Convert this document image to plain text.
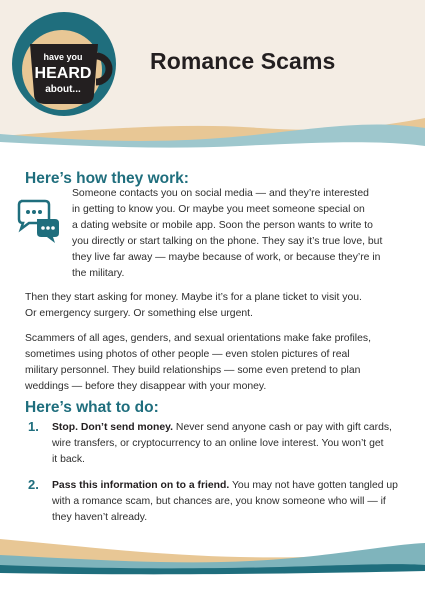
have you
HEARD
about...
Romance Scams
Here’s how they work:

Someone contacts you on social media — and they’re interested
in getting to know you. Or maybe you meet someone special on
a dating website or mobile app. Soon the person wants to write to
you directly or start talking on the phone. They say it’s true love, but
they live far away — maybe because of work, or because they’re in
the military.

Then they start asking for money. Maybe it’s for a plane ticket to visit you.
Or emergency surgery. Or something else urgent.

Scammers of all ages, genders, and sexual orientations make fake profiles,
sometimes using photos of other people — even stolen pictures of real
military personnel. They build relationships — some even pretend to plan
weddings — before they disappear with your money.

Here’s what to do:
1. Stop. Don’t send money. Never send anyone cash or pay with gift cards,
wire transfers, or cryptocurrency to an online love interest. You won’t get
it back.

2. Pass this information on to a friend. You may not have gotten tangled up
with a romance scam, but chances are, you know someone who will — if
they haven’t already.
